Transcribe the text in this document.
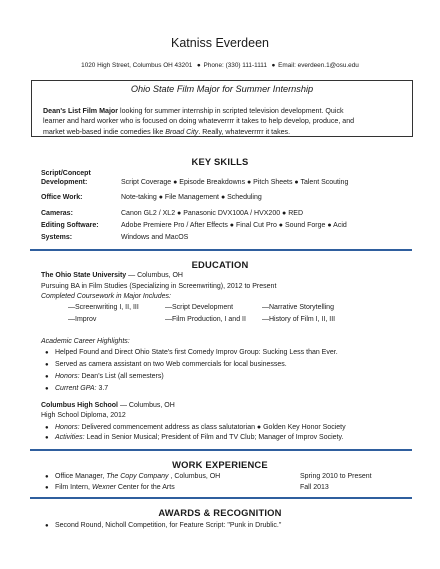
Katniss Everdeen
1020 High Street, Columbus OH 43201  ● Phone: (330) 111-1111  ● Email: everdeen.1@osu.edu
Ohio State Film Major for Summer Internship
Dean's List Film Major looking for summer internship in scripted television development. Quick
learner and hard worker who is focused on doing whateverrrr it takes to help develop, produce, and
market web-based indie comedies like Broad City. Really, whateverrrrr it takes.
KEY SKILLS
Script/Concept
Development:	Script Coverage ● Episode Breakdowns ● Pitch Sheets ● Talent Scouting
Office Work:	Note-taking ● File Management ● Scheduling
Cameras:	Canon GL2 / XL2 ● Panasonic DVX100A / HVX200 ● RED
Editing Software:	Adobe Premiere Pro / After Effects ● Final Cut Pro ● Sound Forge ● Acid
Systems:	Windows and MacOS
EDUCATION
The Ohio State University — Columbus, OH
Pursuing BA in Film Studies (Specializing in Screenwriting), 2012 to Present
Completed Coursework in Major Includes:
—Screenwriting I, II, III	—Script Development	—Narrative Storytelling
—Improv	—Film Production, I and II —History of Film I, II, III
Academic Career Highlights:
● Helped Found and Direct Ohio State's first Comedy Improv Group: Sucking Less than Ever.
● Served as camera assistant on two Web commercials for local businesses.
● Honors: Dean's List (all semesters)
● Current GPA: 3.7
Columbus High School — Columbus, OH
High School Diploma, 2012
● Honors: Delivered commencement address as class salutatorian ● Golden Key Honor Society
● Activities: Lead in Senior Musical; President of Film and TV Club; Manager of Improv Society.
WORK EXPERIENCE
● Office Manager, The Copy Company , Columbus, OH	Spring 2010 to Present
● Film Intern, Wexner Center for the Arts	Fall 2013
AWARDS & RECOGNITION
● Second Round, Nicholl Competition, for Feature Script: "Punk in Drublic."
